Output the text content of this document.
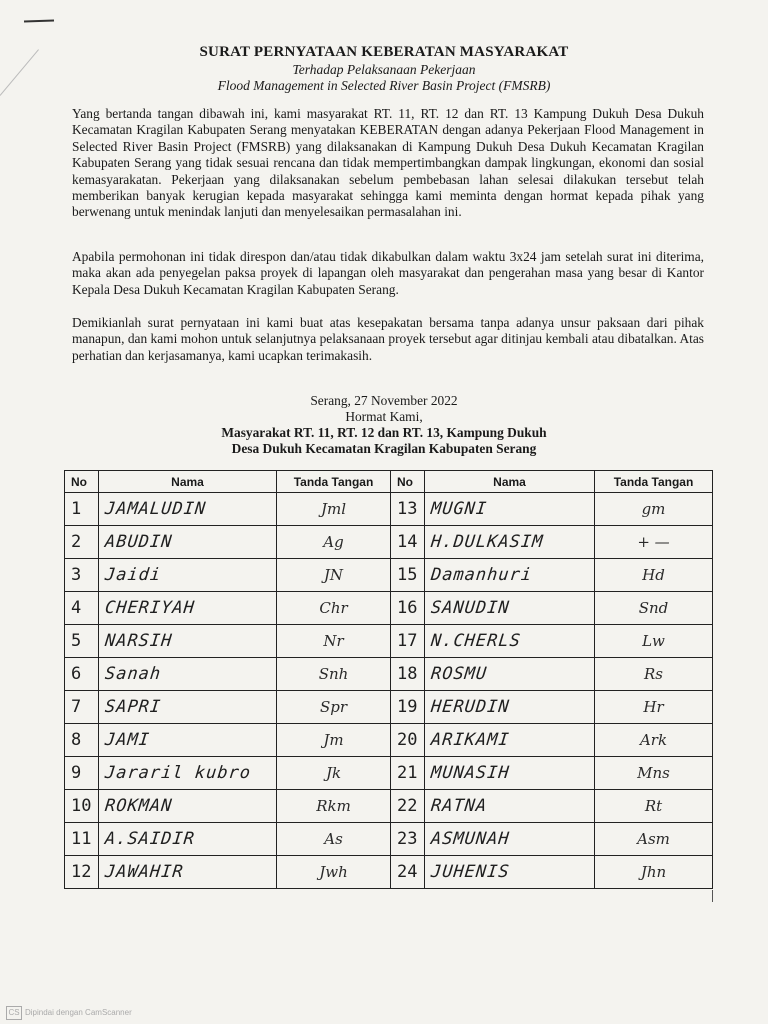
SURAT PERNYATAAN KEBERATAN MASYARAKAT
Terhadap Pelaksanaan Pekerjaan
Flood Management in Selected River Basin Project (FMSRB)
Yang bertanda tangan dibawah ini, kami masyarakat RT. 11, RT. 12 dan RT. 13 Kampung Dukuh Desa Dukuh Kecamatan Kragilan Kabupaten Serang menyatakan KEBERATAN dengan adanya Pekerjaan Flood Management in Selected River Basin Project (FMSRB) yang dilaksanakan di Kampung Dukuh Desa Dukuh Kecamatan Kragilan Kabupaten Serang yang tidak sesuai rencana dan tidak mempertimbangkan dampak lingkungan, ekonomi dan sosial kemasyarakatan. Pekerjaan yang dilaksanakan sebelum pembebasan lahan selesai dilakukan tersebut telah memberikan banyak kerugian kepada masyarakat sehingga kami meminta dengan hormat kepada pihak yang berwenang untuk menindak lanjuti dan menyelesaikan permasalahan ini.
Apabila permohonan ini tidak direspon dan/atau tidak dikabulkan dalam waktu 3x24 jam setelah surat ini diterima, maka akan ada penyegelan paksa proyek di lapangan oleh masyarakat dan pengerahan masa yang besar di Kantor Kepala Desa Dukuh Kecamatan Kragilan Kabupaten Serang.
Demikianlah surat pernyataan ini kami buat atas kesepakatan bersama tanpa adanya unsur paksaan dari pihak manapun, dan kami mohon untuk selanjutnya pelaksanaan proyek tersebut agar ditinjau kembali atau dibatalkan. Atas perhatian dan kerjasamanya, kami ucapkan terimakasih.
Serang, 27 November 2022
Hormat Kami,
Masyarakat RT. 11, RT. 12 dan RT. 13, Kampung Dukuh
Desa Dukuh Kecamatan Kragilan Kabupaten Serang
No	Nama	Tanda Tangan	No	Nama	Tanda Tangan

1	JAMALUDIN	Jml	13	MUGNI	gm

2	ABUDIN	Ag	14	H.DULKASIM	+ —

3	Jaidi	JN	15	Damanhuri	Hd

4	CHERIYAH	Chr	16	SANUDIN	Snd

5	NARSIH	Nr	17	N.CHERLS	Lw

6	Sanah	Snh	18	ROSMU	Rs

7	SAPRI	Spr	19	HERUDIN	Hr

8	JAMI	Jm	20	ARIKAMI	Ark

9	Jararil kubro	Jk	21	MUNASIH	Mns

10	ROKMAN	Rkm	22	RATNA	Rt

11	A.SAIDIR	As	23	ASMUNAH	Asm

12	JAWAHIR	Jwh	24	JUHENIS	Jhn
CS Dipindai dengan CamScanner
